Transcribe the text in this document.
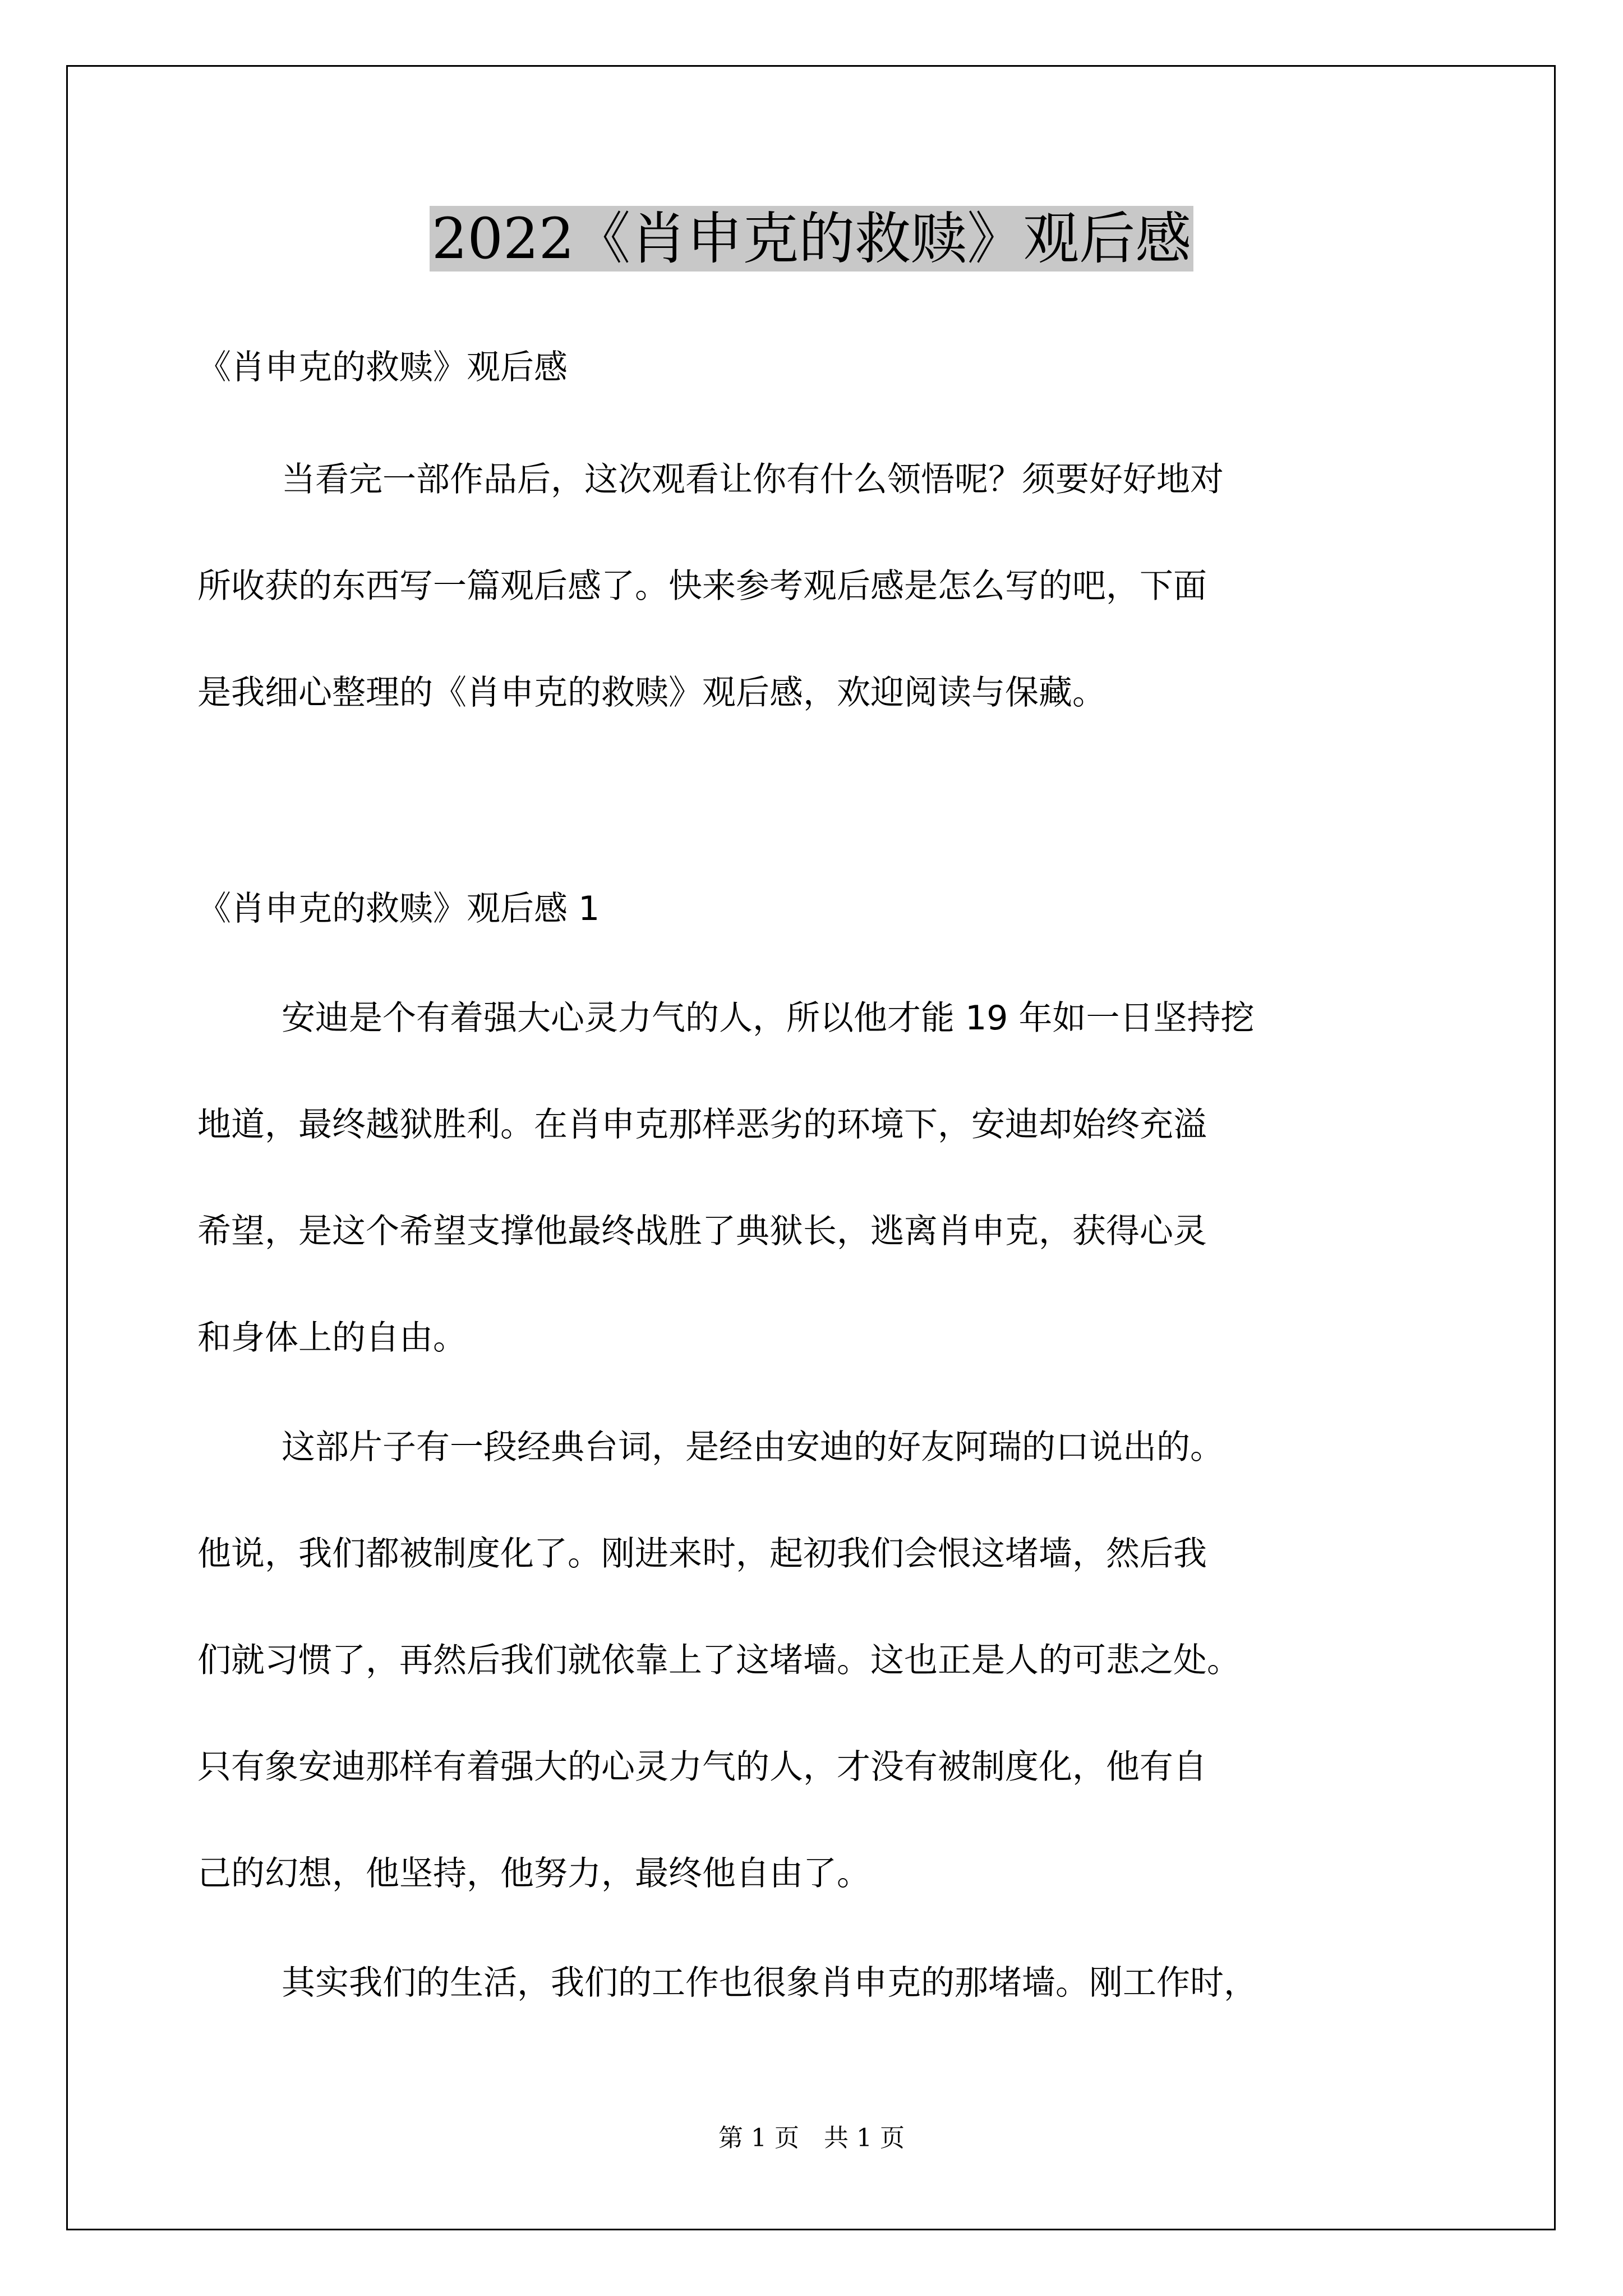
2022《肖申克的救赎》观后感
《肖申克的救赎》观后感
当看完一部作品后，这次观看让你有什么领悟呢？须要好好地对
所收获的东西写一篇观后感了。快来参考观后感是怎么写的吧，下面
是我细心整理的《肖申克的救赎》观后感，欢迎阅读与保藏。
《肖申克的救赎》观后感 1
安迪是个有着强大心灵力气的人，所以他才能 19 年如一日坚持挖
地道，最终越狱胜利。在肖申克那样恶劣的环境下，安迪却始终充溢
希望，是这个希望支撑他最终战胜了典狱长，逃离肖申克，获得心灵
和身体上的自由。
这部片子有一段经典台词，是经由安迪的好友阿瑞的口说出的。
他说，我们都被制度化了。刚进来时，起初我们会恨这堵墙，然后我
们就习惯了，再然后我们就依靠上了这堵墙。这也正是人的可悲之处。
只有象安迪那样有着强大的心灵力气的人，才没有被制度化，他有自
己的幻想，他坚持，他努力，最终他自由了。
其实我们的生活，我们的工作也很象肖申克的那堵墙。刚工作时，
第 1 页　共 1 页
